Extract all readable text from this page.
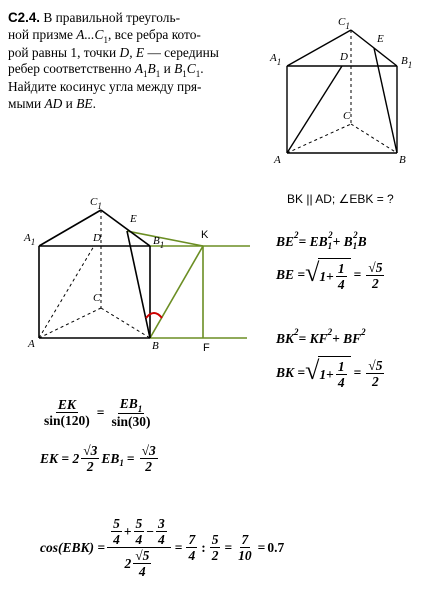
С2.4. В правильной треуголь-
ной призме $A...C_1$, все ребра кото-
рой равны 1, точки D, E — середины
ребер соответственно $A_1B_1$ и $B_1C_1$.
Найдите косинус угла между пря-
мыми AD и BE.
$C_1$
E
$A_1$	D	$B_1$
C
A	B
BK || AD; ∠EBK = ?
$C_1$
E
$A_1$	D	$B_1$
K
C
A	B	F
BE 2 = EB 1
2 + B 1
2 B
BE = √ $1 + \frac{1}{4} = \frac{√5}{2}$
BK 2 = KF 2 + BF 2
BK = √ $1 + \frac{1}{4} = \frac{√5}{2}$
$\frac{EK}{\sin(120)} = \frac{EB_1}{\sin(30)}$
EK = $2 \frac{√3}{2}$ EB $1 = \frac{√3}{2}$
$\cos(EBK) = \frac{\frac{5}{4} + \frac{5}{4} - \frac{3}{4}}{2 \frac{√5}{4}} = \frac{7}{4}$ : $\frac{5}{2} = \frac{7}{10} = 0.7$
